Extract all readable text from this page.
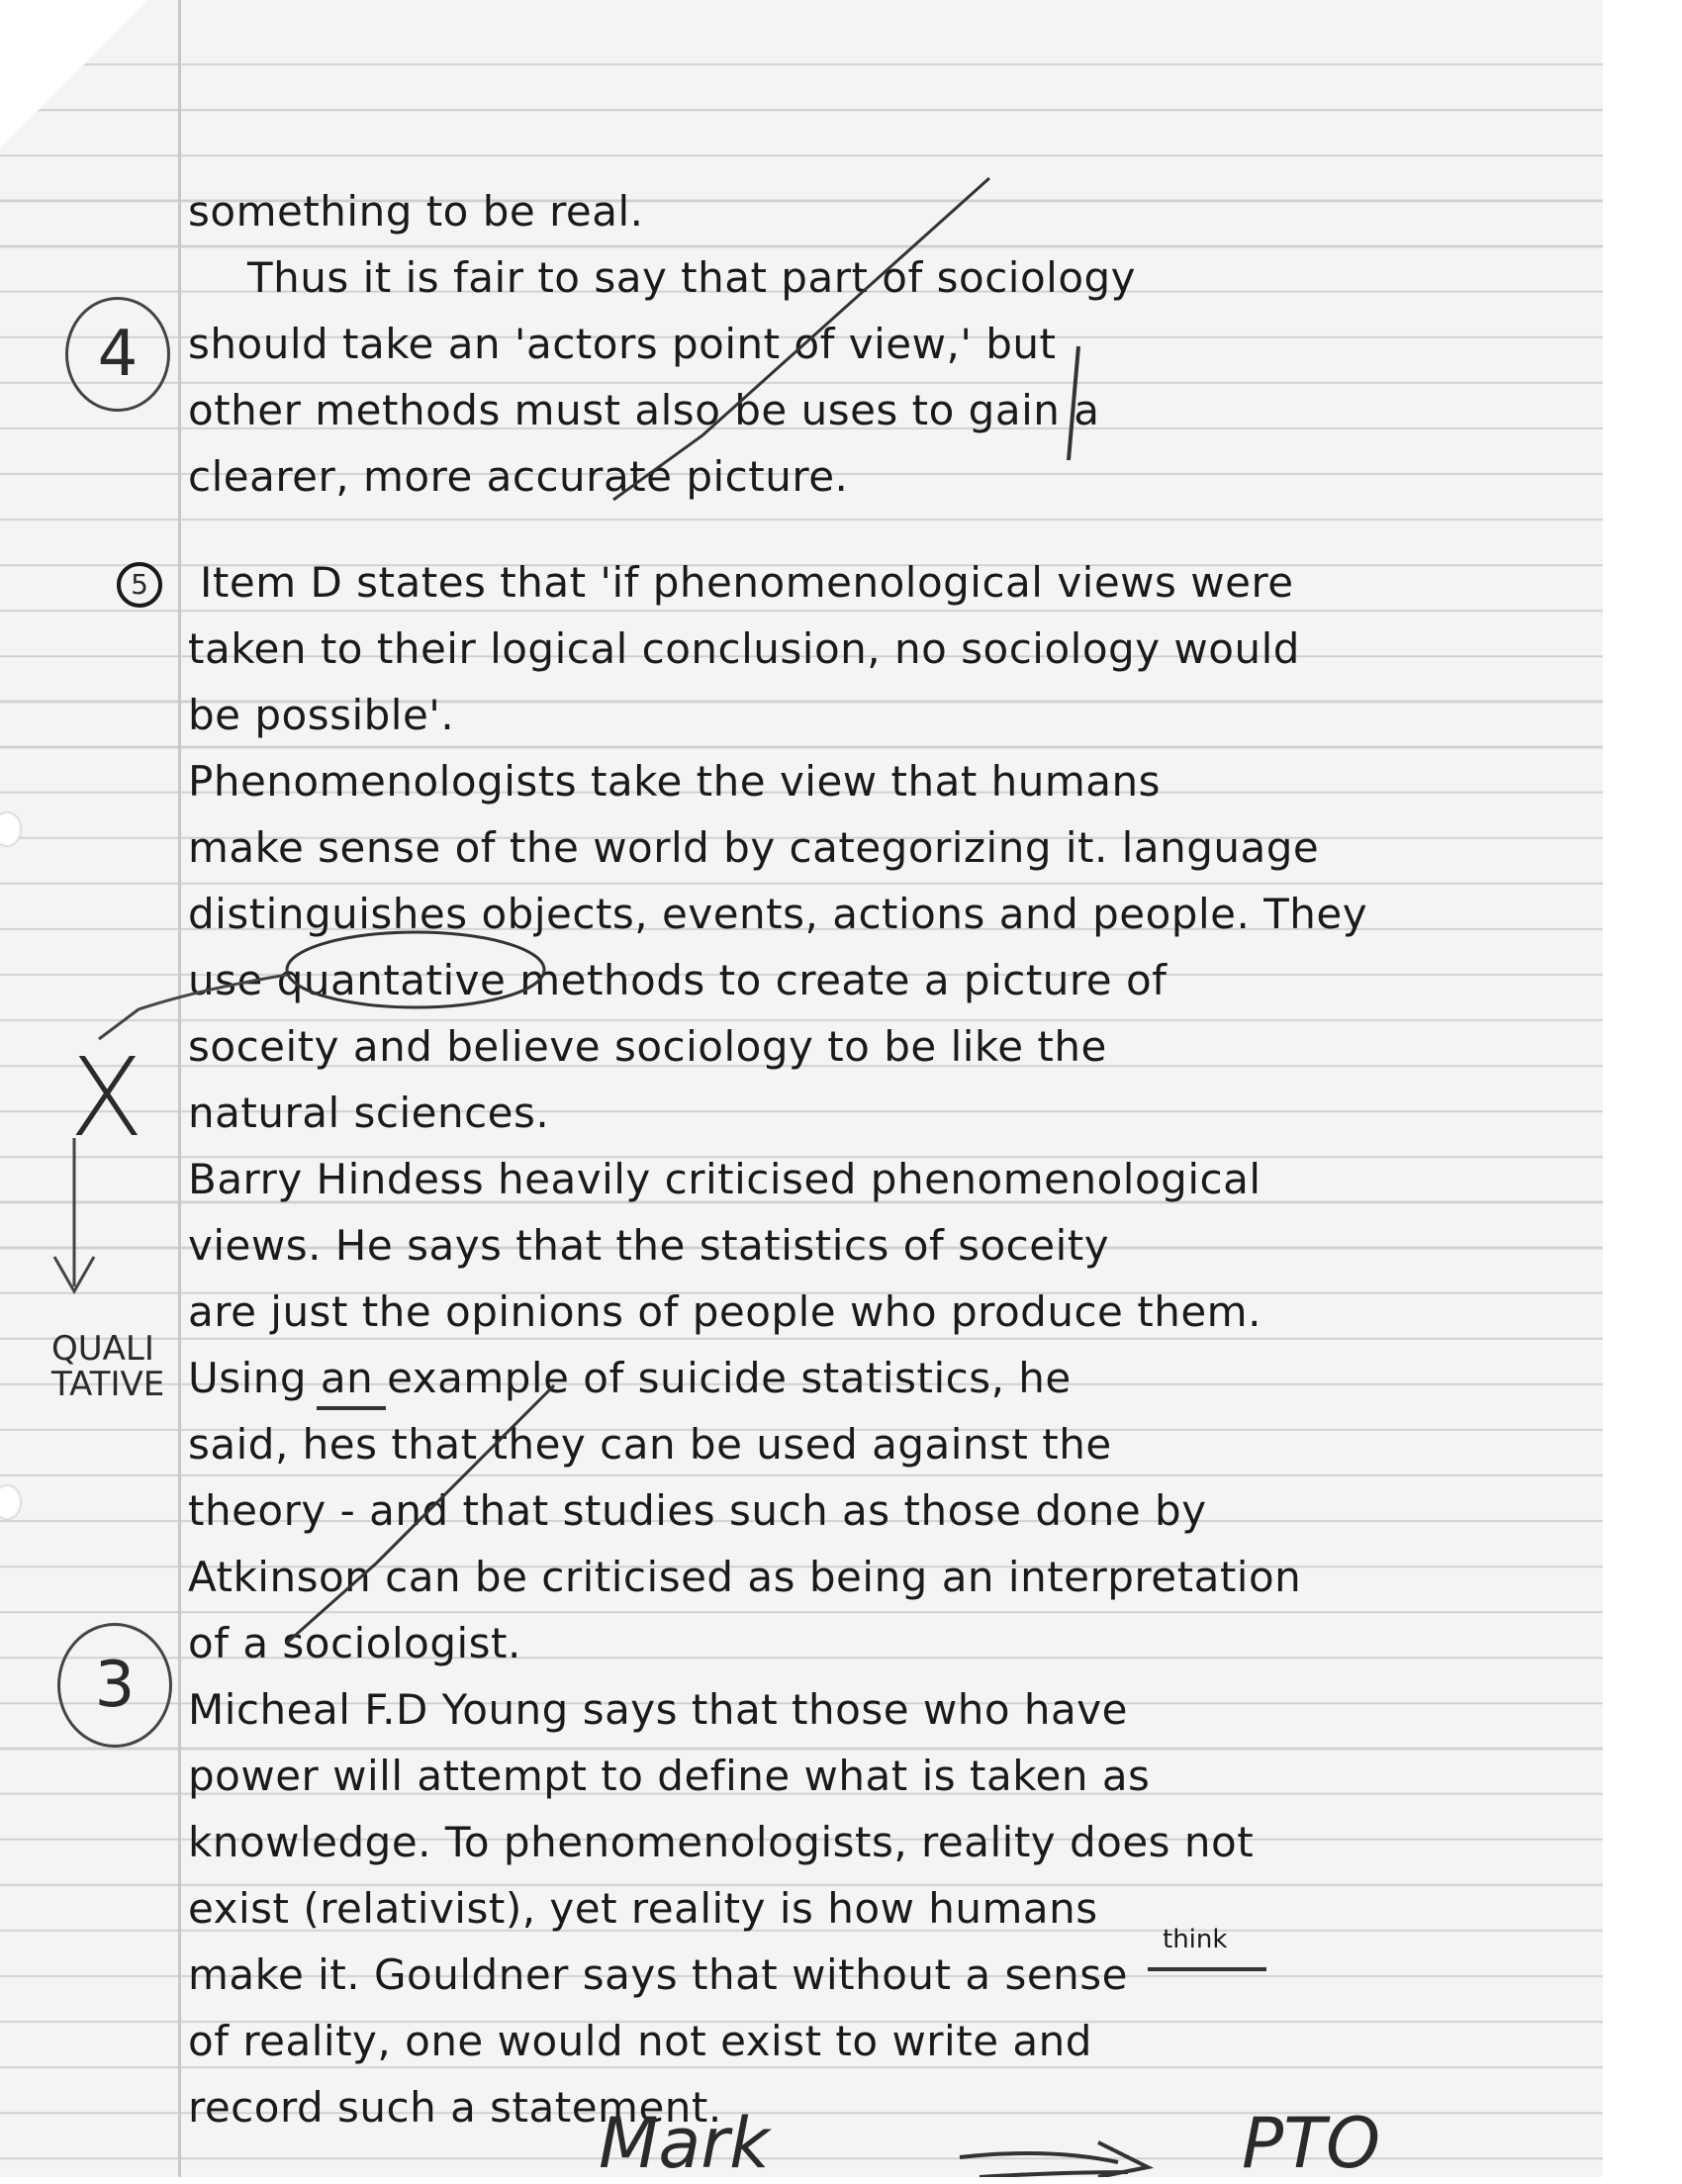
something to be real.
Thus it is fair to say that part of sociology
should take an 'actors point of view,' but
other methods must also be uses to gain a
clearer, more accurate picture.
5	Item D states that 'if phenomenological views were
taken to their logical conclusion, no sociology would
be possible'.
Phenomenologists take the view that humans
make sense of the world by categorizing it. language
distinguishes objects, events, actions and people. They
use quantative methods to create a picture of
soceity and believe sociology to be like the
natural sciences.
Barry Hindess heavily criticised phenomenological
views. He says that the statistics of soceity
are just the opinions of people who produce them.
Using an example of suicide statistics, he
said, hes that they can be used against the
theory - and that studies such as those done by
Atkinson can be criticised as being an interpretation
of a sociologist.
Micheal F.D Young says that those who have
power will attempt to define what is taken as
knowledge. To phenomenologists, reality does not
exist (relativist), yet reality is how humans
make it. Gouldner says that without a sense
of reality, one would not exist to write and
record such a statement.
think
QUALI
TATIVE
4
3
X
Mark	PTO
